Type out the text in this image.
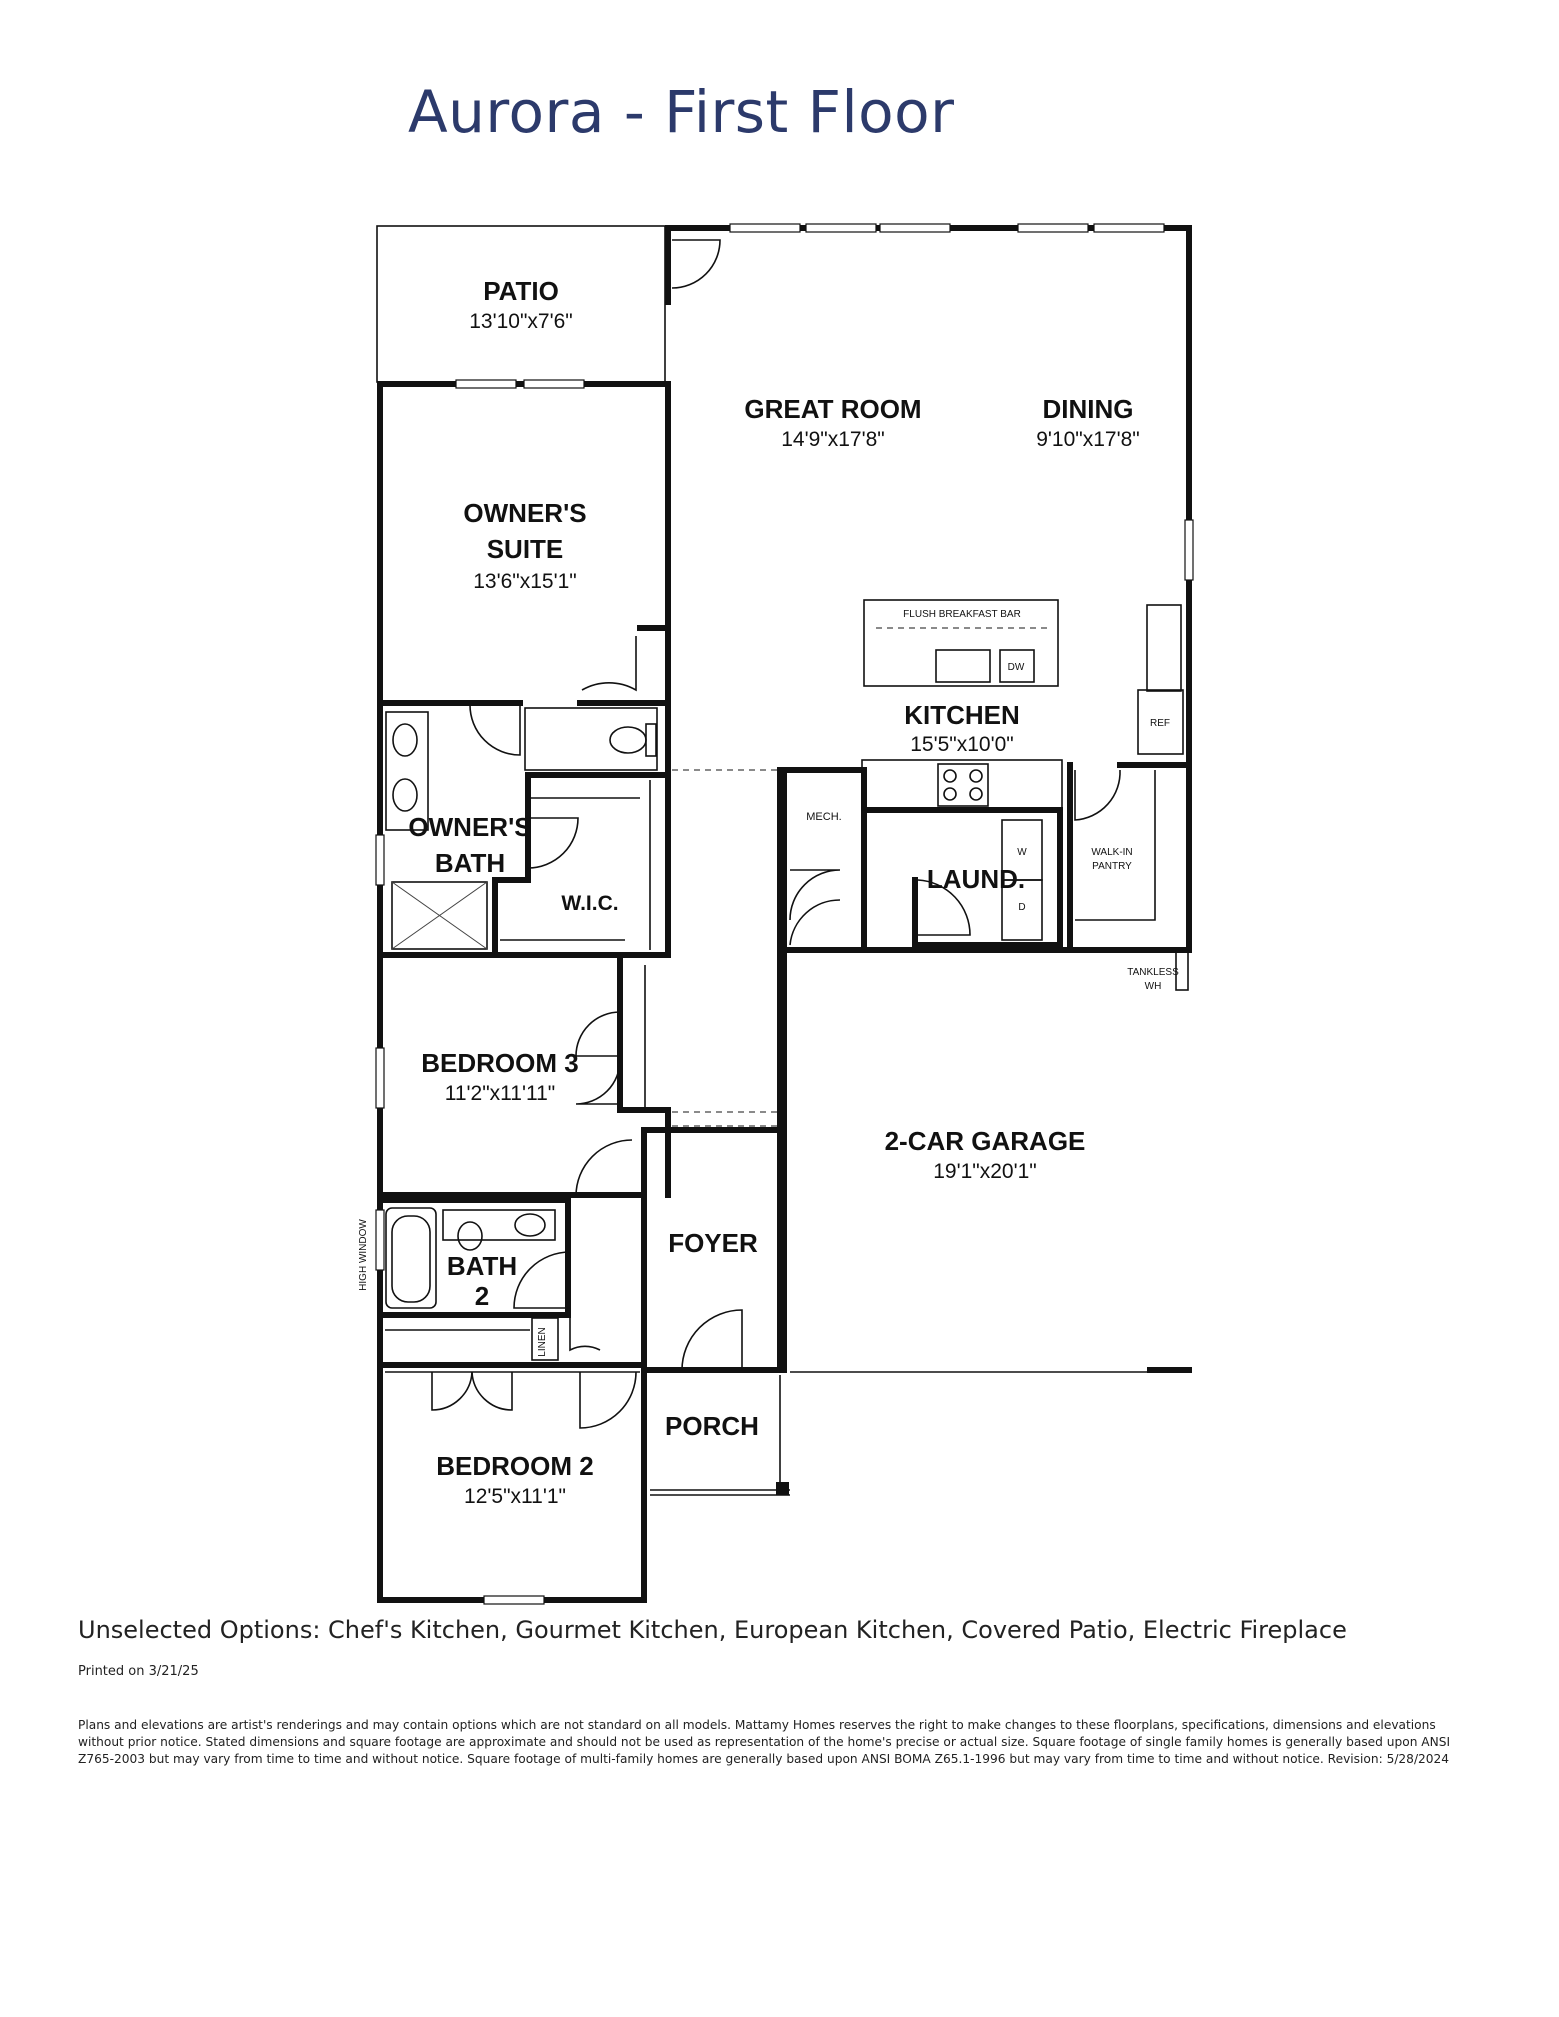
Aurora - First Floor
PATIO
13'10"x7'6"
GREAT ROOM
14'9"x17'8"
DINING
9'10"x17'8"
OWNER'S
SUITE
13'6"x15'1"
FLUSH BREAKFAST BAR
DW
REF
KITCHEN
15'5"x10'0"
OWNER'S
BATH
W.I.C.
MECH.
LAUND.
W
D
WALK-IN
PANTRY
TANKLESS
WH
BEDROOM 3
11'2"x11'11"
2-CAR GARAGE
19'1"x20'1"
BATH
2
FOYER
LINEN
HIGH WINDOW
PORCH
BEDROOM 2
12'5"x11'1"
Unselected Options: Chef's Kitchen, Gourmet Kitchen, European Kitchen, Covered Patio, Electric Fireplace
Printed on 3/21/25
Plans and elevations are artist's renderings and may contain options which are not standard on all models. Mattamy Homes reserves the right to make changes to these floorplans, specifications, dimensions and elevations without prior notice. Stated dimensions and square footage are approximate and should not be used as representation of the home's precise or actual size. Square footage of single family homes is generally based upon ANSI Z765-2003 but may vary from time to time and without notice. Square footage of multi-family homes are generally based upon ANSI BOMA Z65.1-1996 but may vary from time to time and without notice. Revision: 5/28/2024
